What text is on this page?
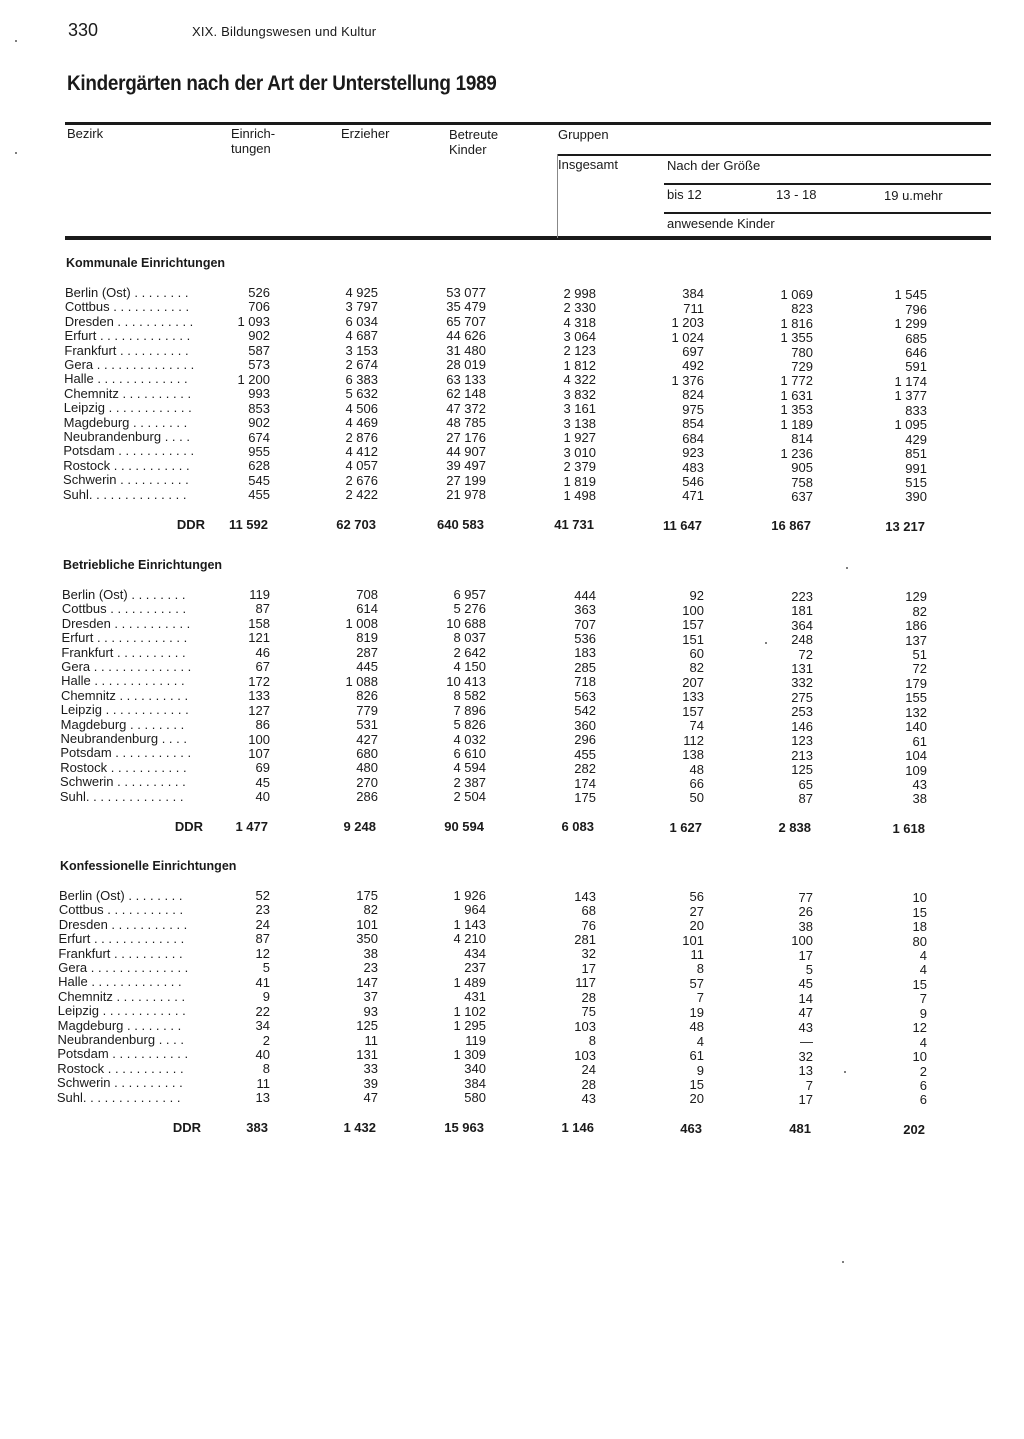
330	XIX. Bildungswesen und Kultur
Kindergärten nach der Art der Unterstellung 1989
Bezirk	Einrich-
tungen
Erzieher	Betreute
Kinder
Gruppen
Insgesamt	Nach der Größe
bis 12	13 - 18	19 u.mehr
anwesende Kinder
Kommunale Einrichtungen
Berlin (Ost) . . . . . . . .	526	4 925	53 077	2 998	384	1 069	1 545
Cottbus . . . . . . . . . . .	706	3 797	35 479	2 330	711	823	796
Dresden . . . . . . . . . . .	1 093	6 034	65 707	4 318	1 203	1 816	1 299
Erfurt . . . . . . . . . . . . .	902	4 687	44 626	3 064	1 024	1 355	685
Frankfurt . . . . . . . . . .	587	3 153	31 480	2 123	697	780	646
Gera . . . . . . . . . . . . . .	573	2 674	28 019	1 812	492	729	591
Halle . . . . . . . . . . . . .	1 200	6 383	63 133	4 322	1 376	1 772	1 174
Chemnitz . . . . . . . . . .	993	5 632	62 148	3 832	824	1 631	1 377
Leipzig . . . . . . . . . . . .	853	4 506	47 372	3 161	975	1 353	833
Magdeburg . . . . . . . .	902	4 469	48 785	3 138	854	1 189	1 095
Neubrandenburg . . . .	674	2 876	27 176	1 927	684	814	429
Potsdam . . . . . . . . . . .	955	4 412	44 907	3 010	923	1 236	851
Rostock . . . . . . . . . . .	628	4 057	39 497	2 379	483	905	991
Schwerin . . . . . . . . . .	545	2 676	27 199	1 819	546	758	515
Suhl. . . . . . . . . . . . . .	455	2 422	21 978	1 498	471	637	390
DDR	11 592	62 703	640 583	41 731	11 647	16 867	13 217
Betriebliche Einrichtungen
Berlin (Ost) . . . . . . . .	119	708	6 957	444	92	223	129
Cottbus . . . . . . . . . . .	87	614	5 276	363	100	181	82
Dresden . . . . . . . . . . .	158	1 008	10 688	707	157	364	186
Erfurt . . . . . . . . . . . . .	121	819	8 037	536	151	248	137
Frankfurt . . . . . . . . . .	46	287	2 642	183	60	72	51
Gera . . . . . . . . . . . . . .	67	445	4 150	285	82	131	72
Halle . . . . . . . . . . . . .	172	1 088	10 413	718	207	332	179
Chemnitz . . . . . . . . . .	133	826	8 582	563	133	275	155
Leipzig . . . . . . . . . . . .	127	779	7 896	542	157	253	132
Magdeburg . . . . . . . .	86	531	5 826	360	74	146	140
Neubrandenburg . . . .	100	427	4 032	296	112	123	61
Potsdam . . . . . . . . . . .	107	680	6 610	455	138	213	104
Rostock . . . . . . . . . . .	69	480	4 594	282	48	125	109
Schwerin . . . . . . . . . .	45	270	2 387	174	66	65	43
Suhl. . . . . . . . . . . . . .	40	286	2 504	175	50	87	38
DDR	1 477	9 248	90 594	6 083	1 627	2 838	1 618
Konfessionelle Einrichtungen
Berlin (Ost) . . . . . . . .	52	175	1 926	143	56	77	10
Cottbus . . . . . . . . . . .	23	82	964	68	27	26	15
Dresden . . . . . . . . . . .	24	101	1 143	76	20	38	18
Erfurt . . . . . . . . . . . . .	87	350	4 210	281	101	100	80
Frankfurt . . . . . . . . . .	12	38	434	32	11	17	4
Gera . . . . . . . . . . . . . .	5	23	237	17	8	5	4
Halle . . . . . . . . . . . . .	41	147	1 489	117	57	45	15
Chemnitz . . . . . . . . . .	9	37	431	28	7	14	7
Leipzig . . . . . . . . . . . .	22	93	1 102	75	19	47	9
Magdeburg . . . . . . . .	34	125	1 295	103	48	43	12
Neubrandenburg . . . .	2	11	119	8	4	—	4
Potsdam . . . . . . . . . . .	40	131	1 309	103	61	32	10
Rostock . . . . . . . . . . .	8	33	340	24	9	13	2
Schwerin . . . . . . . . . .	11	39	384	28	15	7	6
Suhl. . . . . . . . . . . . . .	13	47	580	43	20	17	6
DDR	383	1 432	15 963	1 146	463	481	202
